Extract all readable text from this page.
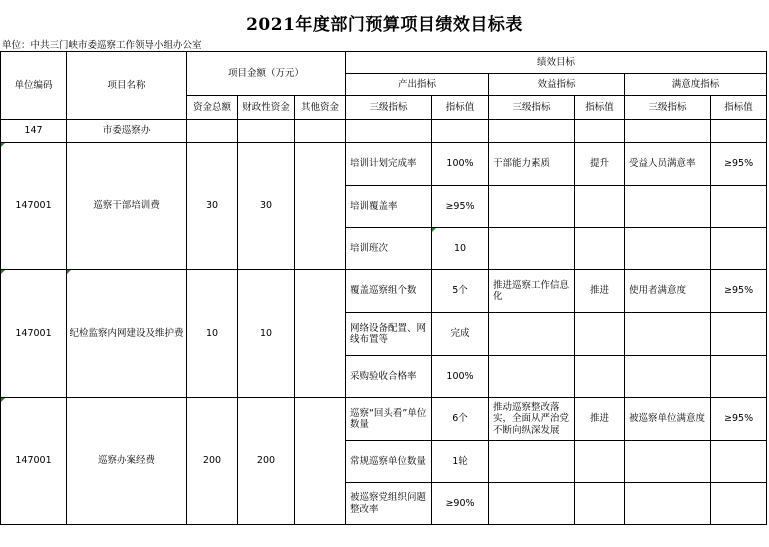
2021年度部门预算项目绩效目标表
单位：中共三门峡市委巡察工作领导小组办公室
单位编码	项目名称	项目金额（万元）			绩效目标					
					产出指标		效益指标		满意度指标	
		资金总额	财政性资金	其他资金	三级指标	指标值	三级指标	指标值	三级指标	指标值
147	市委巡察办									
147001	巡察干部培训费	30	30		培训计划完成率	100%	干部能力素质	提升	受益人员满意率	≥95%
					培训覆盖率	≥95%				
					培训班次	10				
147001	纪检监察内网建设及维护费	10	10		覆盖巡察组个数	5个	推进巡察工作信息化	推进	使用者满意度	≥95%
					网络设备配置、网线布置等	完成				
					采购验收合格率	100%				
147001	巡察办案经费	200	200		巡察“回头看”单位数量	6个	推动巡察整改落实，全面从严治党不断向纵深发展	推进	被巡察单位满意度	≥95%
					常规巡察单位数量	1轮				
					被巡察党组织问题整改率	≥90%				
